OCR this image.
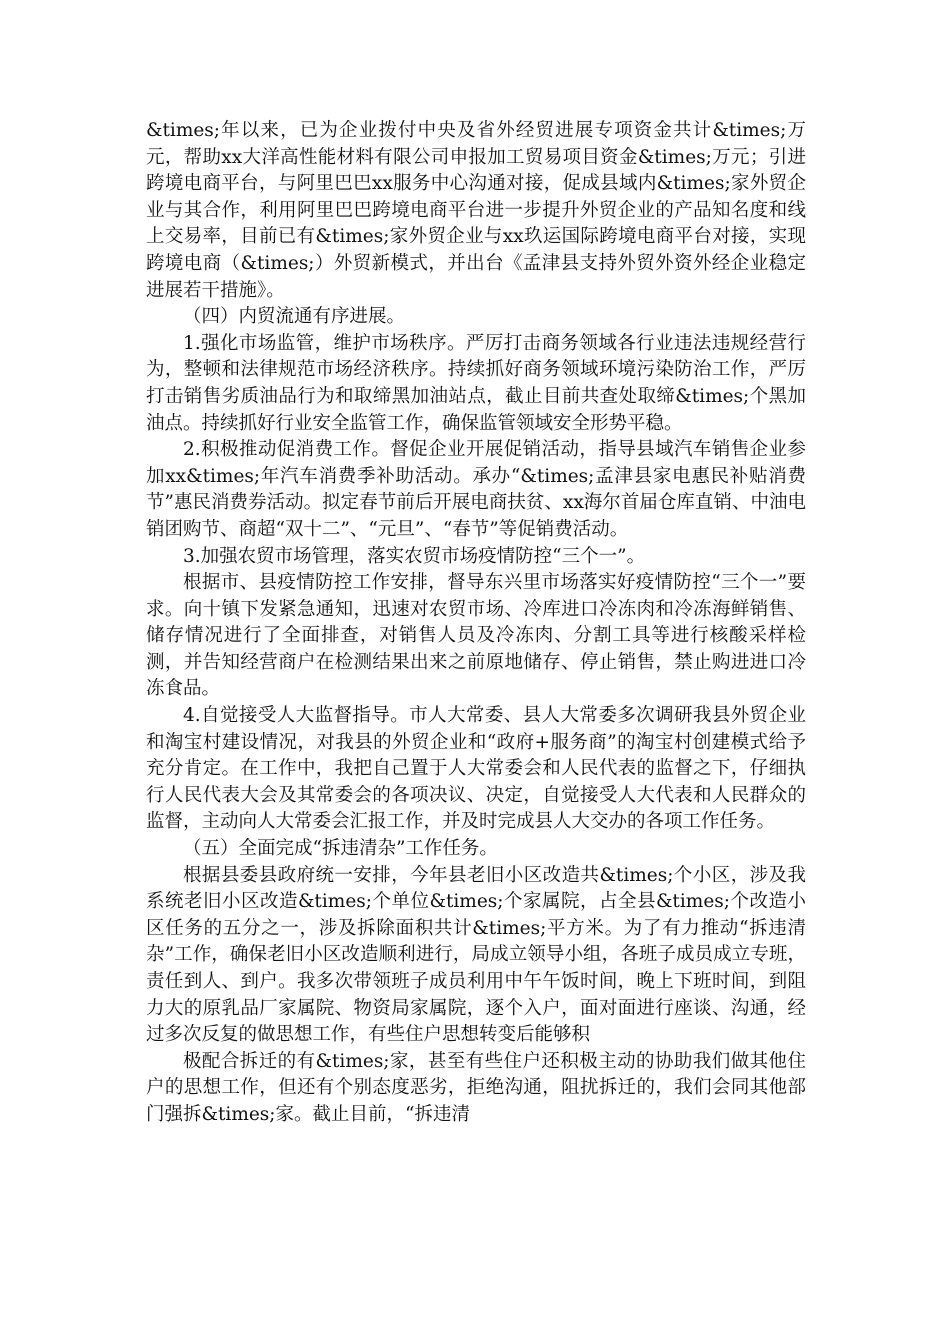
&times;年以来，已为企业拨付中央及省外经贸进展专项资金共计&times;万元，帮助xx大洋高性能材料有限公司申报加工贸易项目资金&times;万元；引进跨境电商平台，与阿里巴巴xx服务中心沟通对接，促成县域内&times;家外贸企业与其合作，利用阿里巴巴跨境电商平台进一步提升外贸企业的产品知名度和线上交易率，目前已有&times;家外贸企业与xx玖运国际跨境电商平台对接，实现跨境电商（&times;）外贸新模式，并出台《孟津县支持外贸外资外经企业稳定进展若干措施》。

（四）内贸流通有序进展。

1.强化市场监管，维护市场秩序。严厉打击商务领域各行业违法违规经营行为，整顿和法律规范市场经济秩序。持续抓好商务领域环境污染防治工作，严厉打击销售劣质油品行为和取缔黑加油站点，截止目前共查处取缔&times;个黑加油点。持续抓好行业安全监管工作，确保监管领域安全形势平稳。

2.积极推动促消费工作。督促企业开展促销活动，指导县域汽车销售企业参加xx&times;年汽车消费季补助活动。承办“&times;孟津县家电惠民补贴消费节”惠民消费券活动。拟定春节前后开展电商扶贫、xx海尔首届仓库直销、中油电销团购节、商超“双十二”、“元旦”、“春节”等促销费活动。

3.加强农贸市场管理，落实农贸市场疫情防控“三个一”。

根据市、县疫情防控工作安排，督导东兴里市场落实好疫情防控“三个一”要求。向十镇下发紧急通知，迅速对农贸市场、冷库进口冷冻肉和冷冻海鲜销售、储存情况进行了全面排查，对销售人员及冷冻肉、分割工具等进行核酸采样检测，并告知经营商户在检测结果出来之前原地储存、停止销售，禁止购进进口冷冻食品。

4.自觉接受人大监督指导。市人大常委、县人大常委多次调研我县外贸企业和淘宝村建设情况，对我县的外贸企业和“政府+服务商”的淘宝村创建模式给予充分肯定。在工作中，我把自己置于人大常委会和人民代表的监督之下，仔细执行人民代表大会及其常委会的各项决议、决定，自觉接受人大代表和人民群众的监督，主动向人大常委会汇报工作，并及时完成县人大交办的各项工作任务。

（五）全面完成“拆违清杂”工作任务。

根据县委县政府统一安排，今年县老旧小区改造共&times;个小区，涉及我系统老旧小区改造&times;个单位&times;个家属院，占全县&times;个改造小区任务的五分之一，涉及拆除面积共计&times;平方米。为了有力推动“拆违清杂”工作，确保老旧小区改造顺利进行，局成立领导小组，各班子成员成立专班，责任到人、到户。我多次带领班子成员利用中午午饭时间，晚上下班时间，到阻力大的原乳品厂家属院、物资局家属院，逐个入户，面对面进行座谈、沟通，经过多次反复的做思想工作，有些住户思想转变后能够积

极配合拆迁的有&times;家，甚至有些住户还积极主动的协助我们做其他住户的思想工作，但还有个别态度恶劣，拒绝沟通，阻扰拆迁的，我们会同其他部门强拆&times;家。截止目前，“拆违清
